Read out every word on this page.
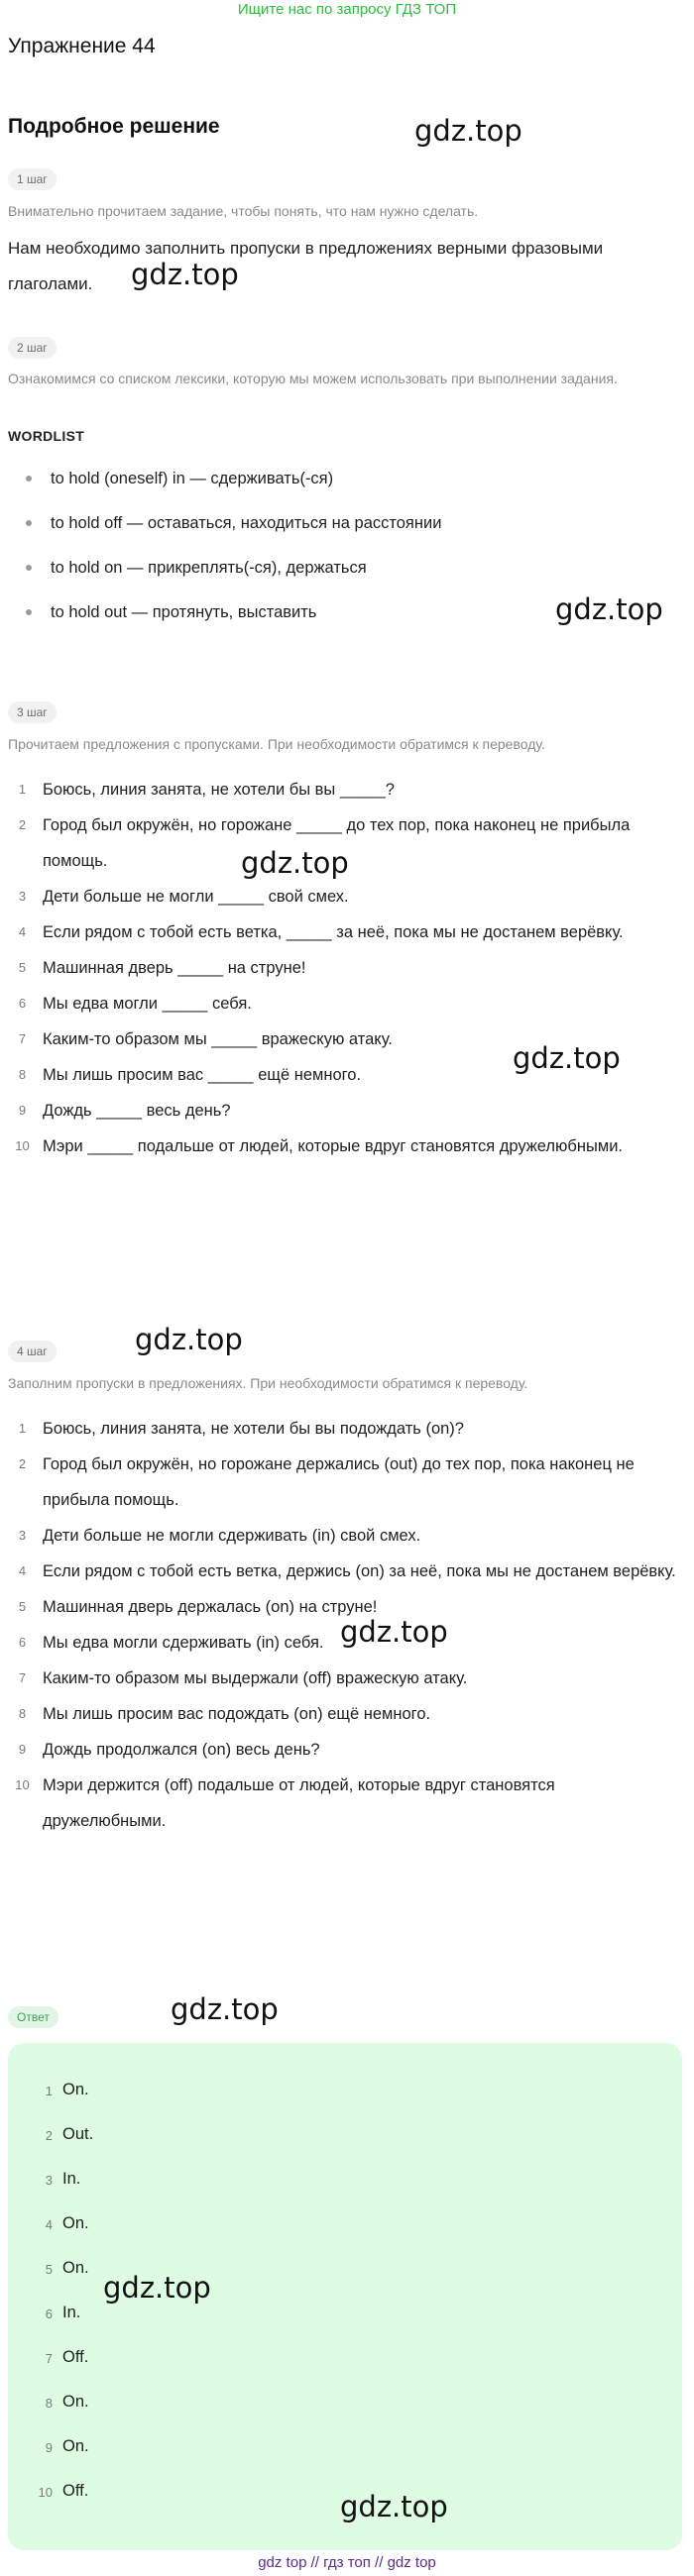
Ищите нас по запросу ГДЗ ТОП
Упражнение 44
Подробное решение
1 шаг

Внимательно прочитаем задание, чтобы понять, что нам нужно сделать.

Нам необходимо заполнить пропуски в предложениях верными фразовыми глаголами.

2 шаг

Ознакомимся со списком лексики, которую мы можем использовать при выполнении задания.

WORDLIST
to hold (oneself) in — сдерживать(-ся)
to hold off — оставаться, находиться на расстоянии
to hold on — прикреплять(-ся), держаться
to hold out — протянуть, выставить
3 шаг

Прочитаем предложения с пропусками. При необходимости обратимся к переводу.

1	Боюсь, линия занята, не хотели бы вы _____?
2	Город был окружён, но горожане _____ до тех пор, пока наконец не прибыла помощь.
3	Дети больше не могли _____ свой смех.
4	Если рядом с тобой есть ветка, _____ за неё, пока мы не достанем верёвку.
5	Машинная дверь _____ на струне!
6	Мы едва могли _____ себя.
7	Каким-то образом мы _____ вражескую атаку.
8	Мы лишь просим вас _____ ещё немного.
9	Дождь _____ весь день?
10 Мэри _____ подальше от людей, которые вдруг становятся дружелюбными.
4 шаг

Заполним пропуски в предложениях. При необходимости обратимся к переводу.

1	Боюсь, линия занята, не хотели бы вы подождать (on)?
2	Город был окружён, но горожане держались (out) до тех пор, пока наконец не прибыла помощь.
3	Дети больше не могли сдерживать (in) свой смех.
4	Если рядом с тобой есть ветка, держись (on) за неё, пока мы не достанем верёвку.
5	Машинная дверь держалась (on) на струне!
6	Мы едва могли сдерживать (in) себя.
7	Каким-то образом мы выдержали (off) вражескую атаку.
8	Мы лишь просим вас подождать (on) ещё немного.
9	Дождь продолжался (on) весь день?
10 Мэри держится (off) подальше от людей, которые вдруг становятся дружелюбными.
Ответ
1 On.
2 Out.
3 In.
4 On.
5 On.
6 In.
7 Off.
8 On.
9 On.
10 Off.
gdz.top
gdz.top
gdz.top
gdz.top
gdz.top
gdz.top
gdz.top
gdz.top
gdz.top
gdz.top
gdz top // гдз топ // gdz top
